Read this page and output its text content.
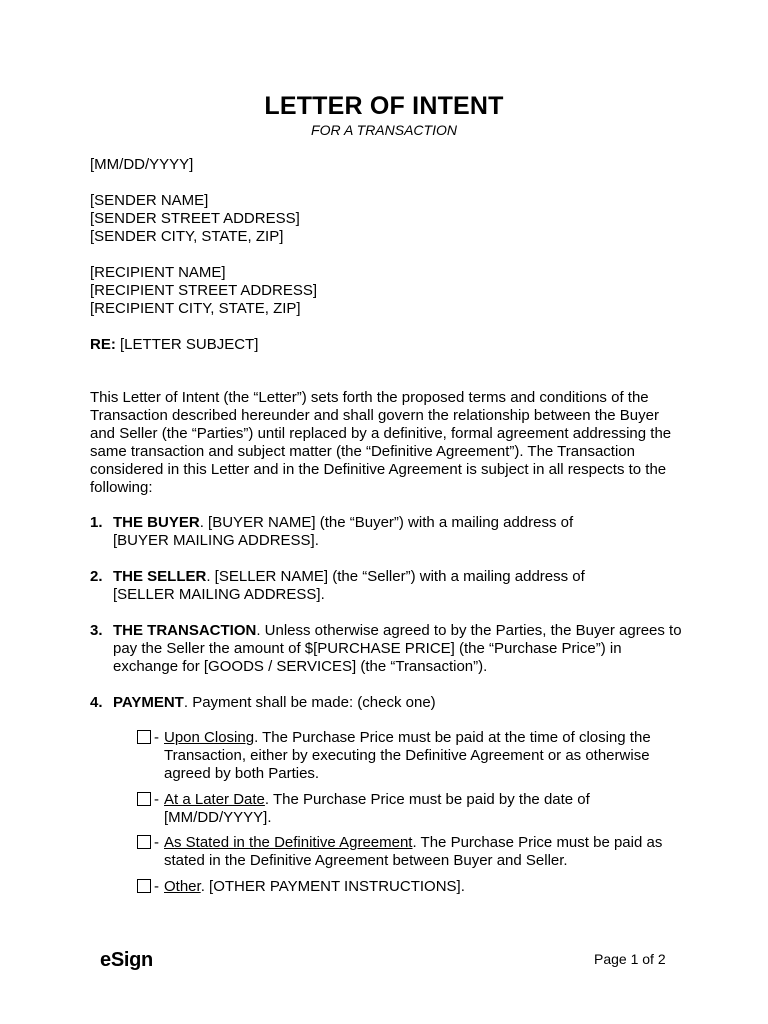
LETTER OF INTENT
FOR A TRANSACTION
[MM/DD/YYYY]
[SENDER NAME]
[SENDER STREET ADDRESS]
[SENDER CITY, STATE, ZIP]
[RECIPIENT NAME]
[RECIPIENT STREET ADDRESS]
[RECIPIENT CITY, STATE, ZIP]
RE: [LETTER SUBJECT]
This Letter of Intent (the “Letter”) sets forth the proposed terms and conditions of the Transaction described hereunder and shall govern the relationship between the Buyer and Seller (the “Parties”) until replaced by a definitive, formal agreement addressing the same transaction and subject matter (the “Definitive Agreement”). The Transaction considered in this Letter and in the Definitive Agreement is subject in all respects to the following:
1. THE BUYER. [BUYER NAME] (the “Buyer”) with a mailing address of
[BUYER MAILING ADDRESS].
2. THE SELLER. [SELLER NAME] (the “Seller”) with a mailing address of
[SELLER MAILING ADDRESS].
3. THE TRANSACTION. Unless otherwise agreed to by the Parties, the Buyer agrees to pay the Seller the amount of $[PURCHASE PRICE] (the “Purchase Price”) in exchange for [GOODS / SERVICES] (the “Transaction”).
4. PAYMENT. Payment shall be made: (check one)
- Upon Closing. The Purchase Price must be paid at the time of closing the Transaction, either by executing the Definitive Agreement or as otherwise agreed by both Parties.
- At a Later Date. The Purchase Price must be paid by the date of [MM/DD/YYYY].
- As Stated in the Definitive Agreement. The Purchase Price must be paid as stated in the Definitive Agreement between Buyer and Seller.
- Other. [OTHER PAYMENT INSTRUCTIONS].
eSign	Page 1 of 2
